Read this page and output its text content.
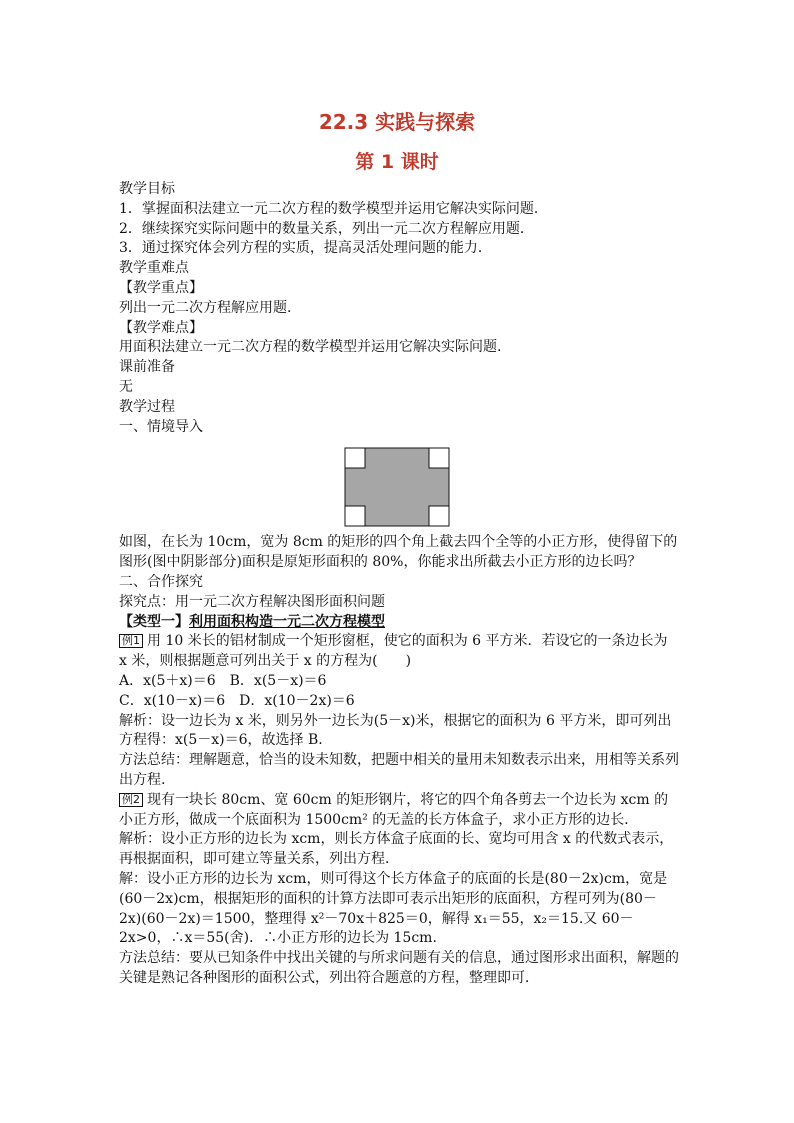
22.3 实践与探索
第 1 课时
教学目标
1．掌握面积法建立一元二次方程的数学模型并运用它解决实际问题．
2．继续探究实际问题中的数量关系，列出一元二次方程解应用题．
3．通过探究体会列方程的实质，提高灵活处理问题的能力．
教学重难点
【教学重点】
列出一元二次方程解应用题.
【教学难点】
用面积法建立一元二次方程的数学模型并运用它解决实际问题.
课前准备
无
教学过程
一、情境导入
如图，在长为 10cm，宽为 8cm 的矩形的四个角上截去四个全等的小正方形，使得留下的图形(图中阴影部分)面积是原矩形面积的 80%，你能求出所截去小正方形的边长吗？
二、合作探究
探究点：用一元二次方程解决图形面积问题
【类型一】利用面积构造一元二次方程模型
例1 用 10 米长的铝材制成一个矩形窗框，使它的面积为 6 平方米．若设它的一条边长为 x 米，则根据题意可列出关于 x 的方程为(　　)
A．x(5＋x)＝6　B．x(5－x)＝6
C．x(10－x)＝6　D．x(10－2x)＝6
解析：设一边长为 x 米，则另外一边长为(5－x)米，根据它的面积为 6 平方米，即可列出方程得：x(5－x)＝6，故选择 B.
方法总结：理解题意，恰当的设未知数，把题中相关的量用未知数表示出来，用相等关系列出方程.
例2 现有一块长 80cm、宽 60cm 的矩形钢片，将它的四个角各剪去一个边长为 xcm 的小正方形，做成一个底面积为 1500cm² 的无盖的长方体盒子，求小正方形的边长．
解析：设小正方形的边长为 xcm，则长方体盒子底面的长、宽均可用含 x 的代数式表示，再根据面积，即可建立等量关系，列出方程．
解：设小正方形的边长为 xcm，则可得这个长方体盒子的底面的长是(80－2x)cm，宽是(60－2x)cm，根据矩形的面积的计算方法即可表示出矩形的底面积，方程可列为(80－2x)(60－2x)＝1500，整理得 x²－70x＋825＝0，解得 x₁＝55，x₂＝15.又 60－2x>0，∴x＝55(舍)．∴小正方形的边长为 15cm.
方法总结：要从已知条件中找出关键的与所求问题有关的信息，通过图形求出面积，解题的关键是熟记各种图形的面积公式，列出符合题意的方程，整理即可．
